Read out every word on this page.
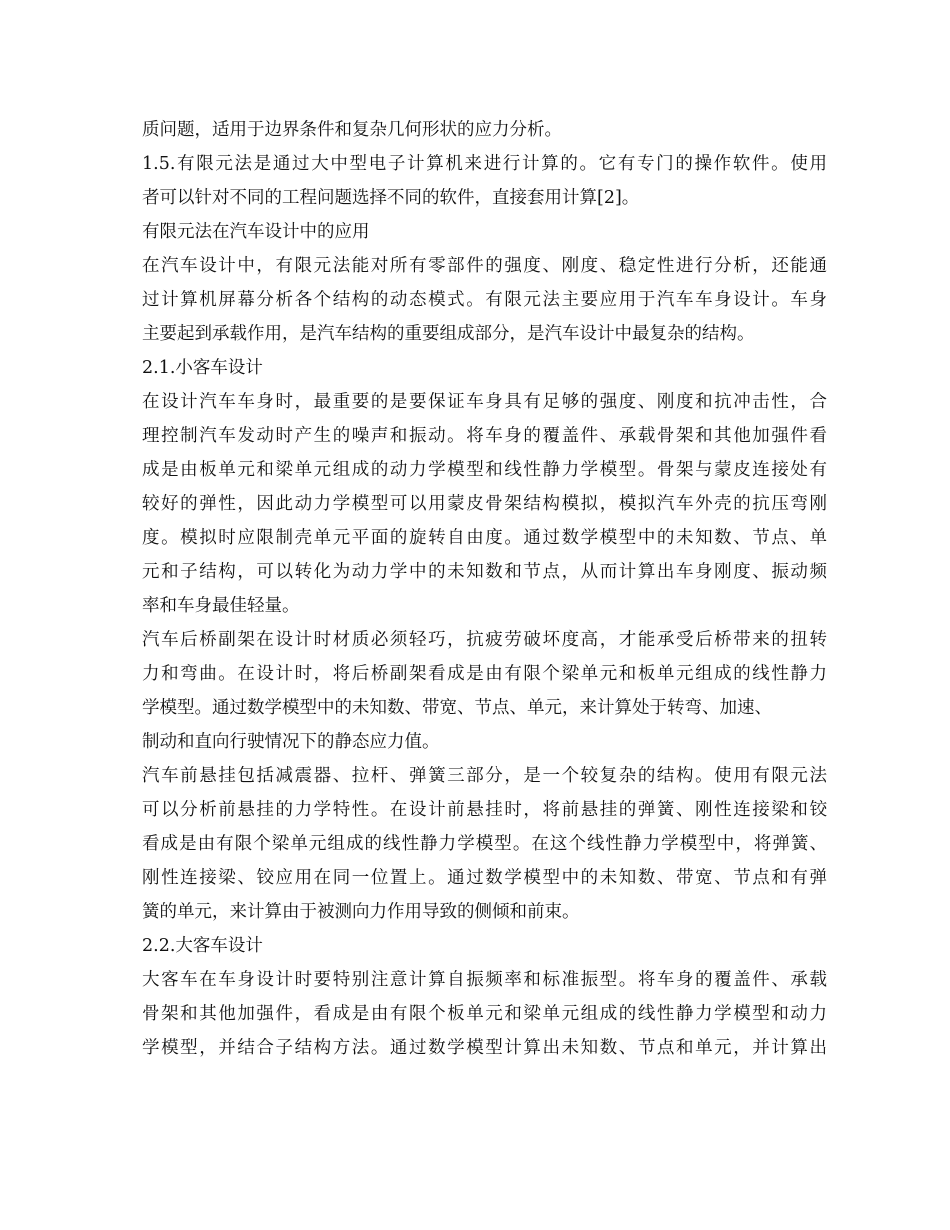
质问题，适用于边界条件和复杂几何形状的应力分析。
1.5.有限元法是通过大中型电子计算机来进行计算的。它有专门的操作软件。使用
者可以针对不同的工程问题选择不同的软件，直接套用计算[2]。
有限元法在汽车设计中的应用
在汽车设计中，有限元法能对所有零部件的强度、刚度、稳定性进行分析，还能通
过计算机屏幕分析各个结构的动态模式。有限元法主要应用于汽车车身设计。车身
主要起到承载作用，是汽车结构的重要组成部分，是汽车设计中最复杂的结构。
2.1.小客车设计
在设计汽车车身时，最重要的是要保证车身具有足够的强度、刚度和抗冲击性，合
理控制汽车发动时产生的噪声和振动。将车身的覆盖件、承载骨架和其他加强件看
成是由板单元和梁单元组成的动力学模型和线性静力学模型。骨架与蒙皮连接处有
较好的弹性，因此动力学模型可以用蒙皮骨架结构模拟，模拟汽车外壳的抗压弯刚
度。模拟时应限制壳单元平面的旋转自由度。通过数学模型中的未知数、节点、单
元和子结构，可以转化为动力学中的未知数和节点，从而计算出车身刚度、振动频
率和车身最佳轻量。
汽车后桥副架在设计时材质必须轻巧，抗疲劳破坏度高，才能承受后桥带来的扭转
力和弯曲。在设计时，将后桥副架看成是由有限个梁单元和板单元组成的线性静力
学模型。通过数学模型中的未知数、带宽、节点、单元，来计算处于转弯、加速、
制动和直向行驶情况下的静态应力值。
汽车前悬挂包括减震器、拉杆、弹簧三部分，是一个较复杂的结构。使用有限元法
可以分析前悬挂的力学特性。在设计前悬挂时，将前悬挂的弹簧、刚性连接梁和铰
看成是由有限个梁单元组成的线性静力学模型。在这个线性静力学模型中，将弹簧、
刚性连接梁、铰应用在同一位置上。通过数学模型中的未知数、带宽、节点和有弹
簧的单元，来计算由于被测向力作用导致的侧倾和前束。
2.2.大客车设计
大客车在车身设计时要特别注意计算自振频率和标准振型。将车身的覆盖件、承载
骨架和其他加强件，看成是由有限个板单元和梁单元组成的线性静力学模型和动力
学模型，并结合子结构方法。通过数学模型计算出未知数、节点和单元，并计算出
